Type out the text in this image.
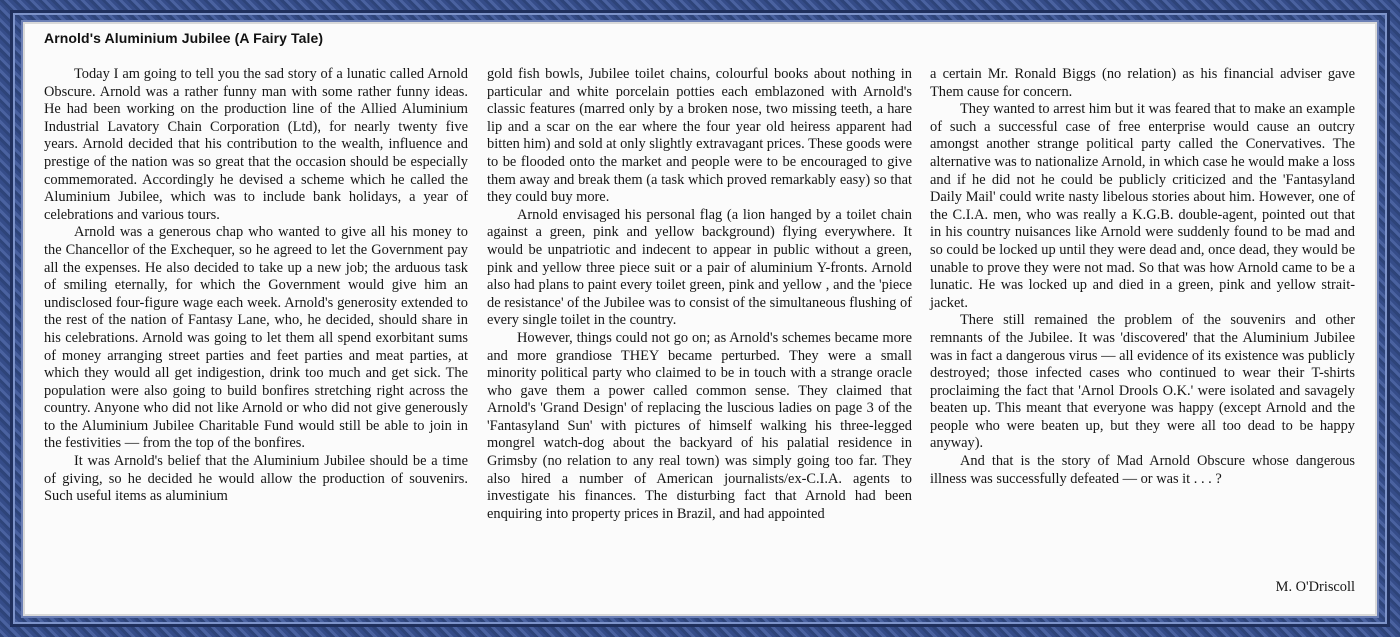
Arnold's Aluminium Jubilee (A Fairy Tale)

Today I am going to tell you the sad story of a lunatic called Arnold Obscure. Arnold was a rather funny man with some rather funny ideas. He had been working on the production line of the Allied Aluminium Industrial Lavatory Chain Corporation (Ltd), for nearly twenty five years. Arnold decided that his contribution to the wealth, influence and prestige of the nation was so great that the occasion should be especially commemorated. Accordingly he devised a scheme which he called the Aluminium Jubilee, which was to include bank holidays, a year of celebrations and various tours.

Arnold was a generous chap who wanted to give all his money to the Chancellor of the Exchequer, so he agreed to let the Government pay all the expenses. He also decided to take up a new job; the arduous task of smiling eternally, for which the Government would give him an undisclosed four-figure wage each week. Arnold's generosity extended to the rest of the nation of Fantasy Lane, who, he decided, should share in his celebrations. Arnold was going to let them all spend exorbitant sums of money arranging street parties and feet parties and meat parties, at which they would all get indigestion, drink too much and get sick. The population were also going to build bonfires stretching right across the country. Anyone who did not like Arnold or who did not give generously to the Aluminium Jubilee Charitable Fund would still be able to join in the festivities — from the top of the bonfires.

It was Arnold's belief that the Aluminium Jubilee should be a time of giving, so he decided he would allow the production of souvenirs. Such useful items as aluminium

gold fish bowls, Jubilee toilet chains, colourful books about nothing in particular and white porcelain potties each emblazoned with Arnold's classic features (marred only by a broken nose, two missing teeth, a hare lip and a scar on the ear where the four year old heiress apparent had bitten him) and sold at only slightly extravagant prices. These goods were to be flooded onto the market and people were to be encouraged to give them away and break them (a task which proved remarkably easy) so that they could buy more.

Arnold envisaged his personal flag (a lion hanged by a toilet chain against a green, pink and yellow background) flying everywhere. It would be unpatriotic and indecent to appear in public without a green, pink and yellow three piece suit or a pair of aluminium Y-fronts. Arnold also had plans to paint every toilet green, pink and yellow , and the 'piece de resistance' of the Jubilee was to consist of the simultaneous flushing of every single toilet in the country.

However, things could not go on; as Arnold's schemes became more and more grandiose THEY became perturbed. They were a small minority political party who claimed to be in touch with a strange oracle who gave them a power called common sense. They claimed that Arnold's 'Grand Design' of replacing the luscious ladies on page 3 of the 'Fantasyland Sun' with pictures of himself walking his three-legged mongrel watch-dog about the backyard of his palatial residence in Grimsby (no relation to any real town) was simply going too far. They also hired a number of American journalists/ex-C.I.A. agents to investigate his finances. The disturbing fact that Arnold had been enquiring into property prices in Brazil, and had appointed

a certain Mr. Ronald Biggs (no relation) as his financial adviser gave Them cause for concern.

They wanted to arrest him but it was feared that to make an example of such a successful case of free enterprise would cause an outcry amongst another strange political party called the Conervatives. The alternative was to nationalize Arnold, in which case he would make a loss and if he did not he could be publicly criticized and the 'Fantasyland Daily Mail' could write nasty libelous stories about him. However, one of the C.I.A. men, who was really a K.G.B. double-agent, pointed out that in his country nuisances like Arnold were suddenly found to be mad and so could be locked up until they were dead and, once dead, they would be unable to prove they were not mad. So that was how Arnold came to be a lunatic. He was locked up and died in a green, pink and yellow strait-jacket.

There still remained the problem of the souvenirs and other remnants of the Jubilee. It was 'discovered' that the Aluminium Jubilee was in fact a dangerous virus — all evidence of its existence was publicly destroyed; those infected cases who continued to wear their T-shirts proclaiming the fact that 'Arnol Drools O.K.' were isolated and savagely beaten up. This meant that everyone was happy (except Arnold and the people who were beaten up, but they were all too dead to be happy anyway).

And that is the story of Mad Arnold Obscure whose dangerous illness was successfully defeated — or was it . . . ?

M. O'Driscoll
